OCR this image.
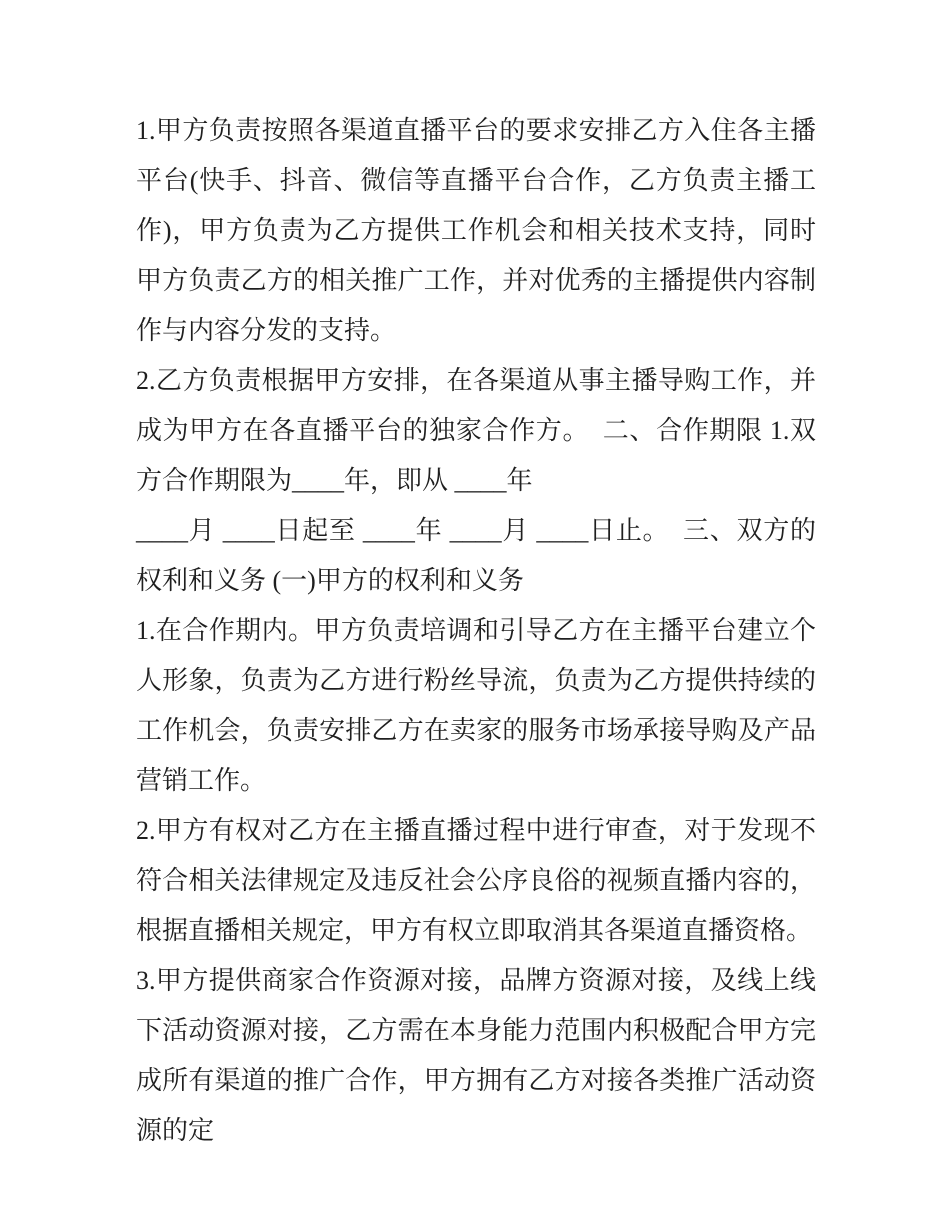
1.甲方负责按照各渠道直播平台的要求安排乙方入住各主播平台(快手、抖音、微信等直播平台合作，乙方负责主播工作)，甲方负责为乙方提供工作机会和相关技术支持，同时甲方负责乙方的相关推广工作，并对优秀的主播提供内容制作与内容分发的支持。

2.乙方负责根据甲方安排，在各渠道从事主播导购工作，并成为甲方在各直播平台的独家合作方。　二、合作期限 1.双方合作期限为____年，即从 ____年

____月 ____日起至 ____年 ____月 ____日止。　三、双方的权利和义务 (一)甲方的权利和义务

1.在合作期内。甲方负责培调和引导乙方在主播平台建立个人形象，负责为乙方进行粉丝导流，负责为乙方提供持续的工作机会，负责安排乙方在卖家的服务市场承接导购及产品营销工作。

2.甲方有权对乙方在主播直播过程中进行审查，对于发现不符合相关法律规定及违反社会公序良俗的视频直播内容的，根据直播相关规定，甲方有权立即取消其各渠道直播资格。

3.甲方提供商家合作资源对接，品牌方资源对接，及线上线下活动资源对接，乙方需在本身能力范围内积极配合甲方完成所有渠道的推广合作，甲方拥有乙方对接各类推广活动资源的定
